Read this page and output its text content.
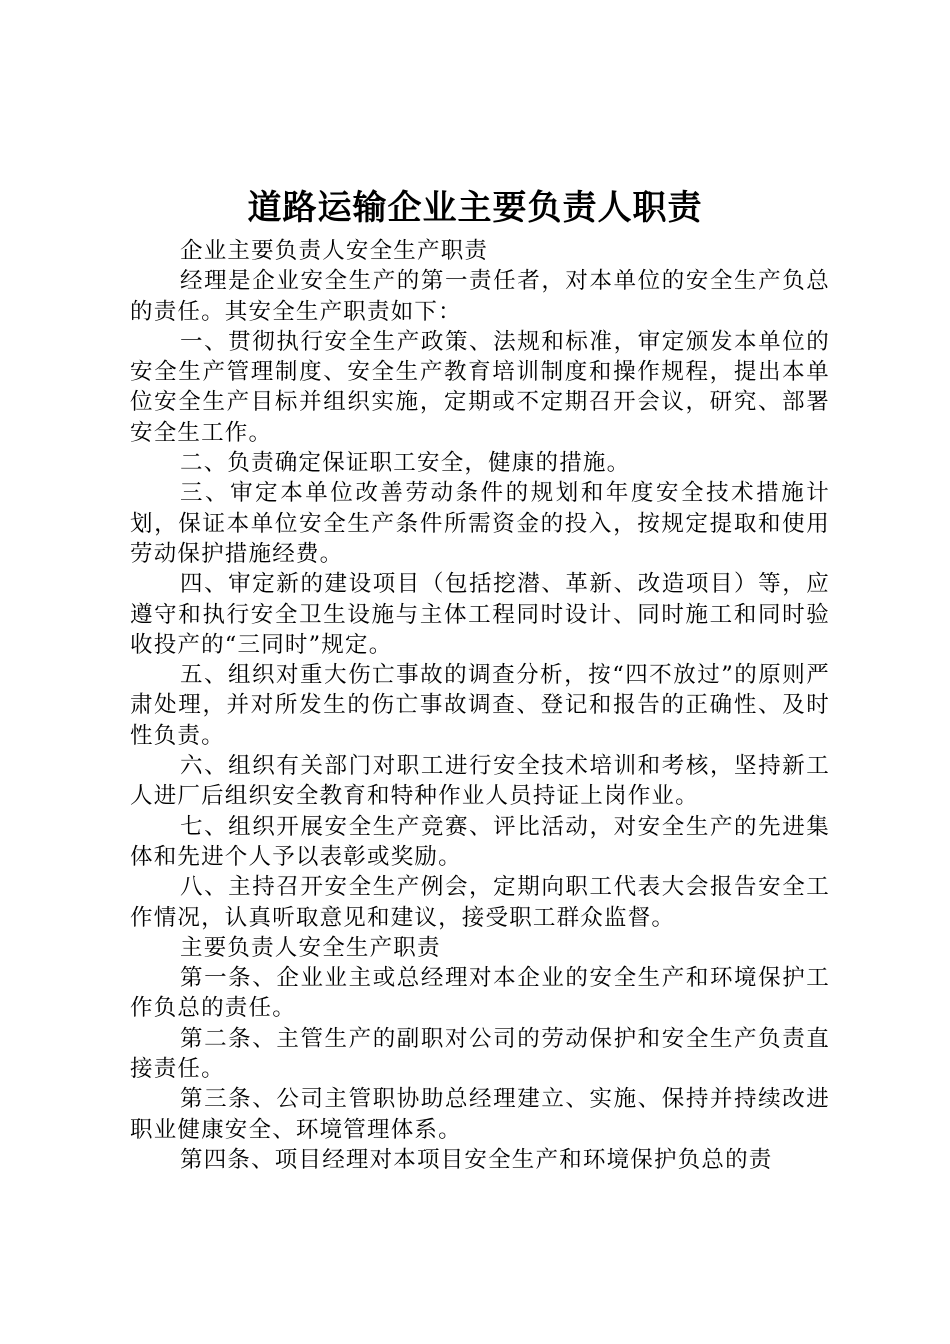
道路运输企业主要负责人职责

企业主要负责人安全生产职责

经理是企业安全生产的第一责任者，对本单位的安全生产负总的责任。其安全生产职责如下：

一、贯彻执行安全生产政策、法规和标准，审定颁发本单位的安全生产管理制度、安全生产教育培训制度和操作规程，提出本单位安全生产目标并组织实施，定期或不定期召开会议，研究、部署安全生工作。

二、负责确定保证职工安全，健康的措施。

三、审定本单位改善劳动条件的规划和年度安全技术措施计划，保证本单位安全生产条件所需资金的投入，按规定提取和使用劳动保护措施经费。

四、审定新的建设项目（包括挖潜、革新、改造项目）等，应遵守和执行安全卫生设施与主体工程同时设计、同时施工和同时验收投产的“三同时”规定。

五、组织对重大伤亡事故的调查分析，按“四不放过”的原则严肃处理，并对所发生的伤亡事故调查、登记和报告的正确性、及时性负责。

六、组织有关部门对职工进行安全技术培训和考核，坚持新工人进厂后组织安全教育和特种作业人员持证上岗作业。

七、组织开展安全生产竞赛、评比活动，对安全生产的先进集体和先进个人予以表彰或奖励。

八、主持召开安全生产例会，定期向职工代表大会报告安全工作情况，认真听取意见和建议，接受职工群众监督。

主要负责人安全生产职责

第一条、企业业主或总经理对本企业的安全生产和环境保护工作负总的责任。

第二条、主管生产的副职对公司的劳动保护和安全生产负责直接责任。

第三条、公司主管职协助总经理建立、实施、保持并持续改进职业健康安全、环境管理体系。

第四条、项目经理对本项目安全生产和环境保护负总的责
